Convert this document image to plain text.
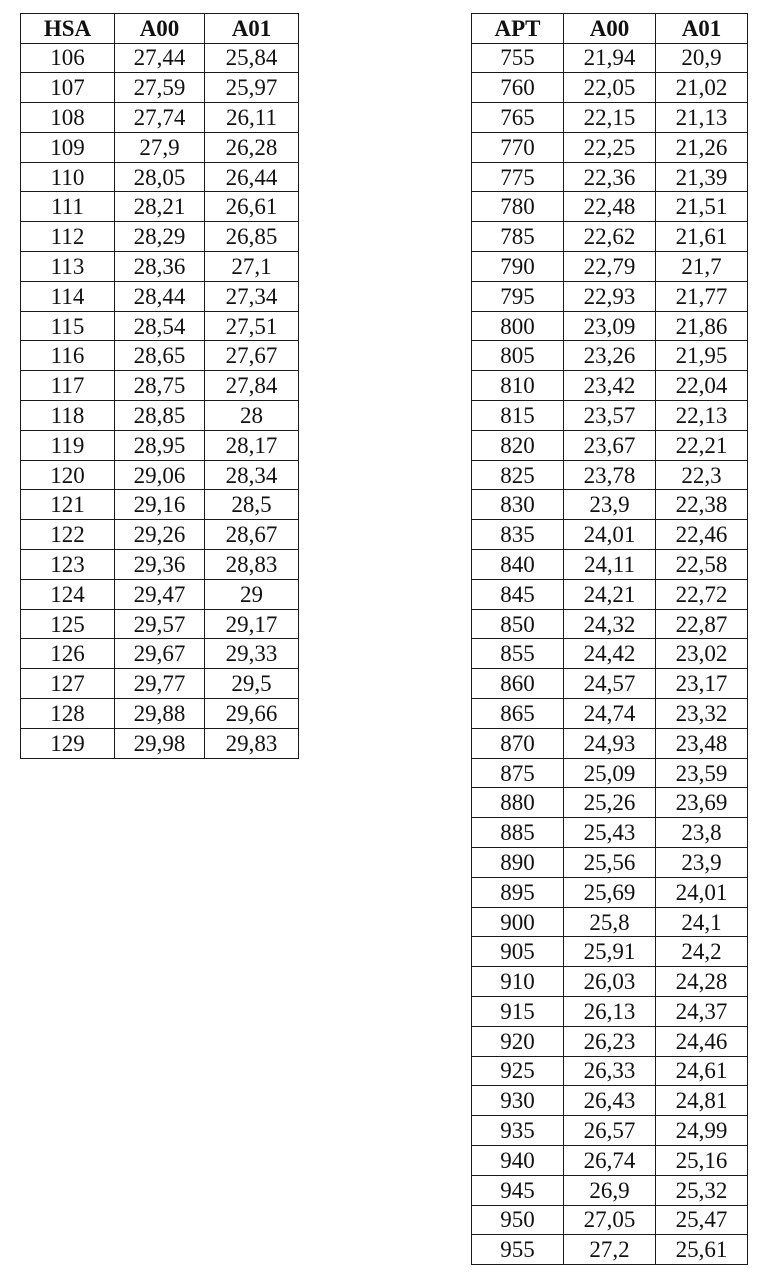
HSA	A00	A01
106	27,44	25,84
107	27,59	25,97
108	27,74	26,11
109	27,9	26,28
110	28,05	26,44
111	28,21	26,61
112	28,29	26,85
113	28,36	27,1
114	28,44	27,34
115	28,54	27,51
116	28,65	27,67
117	28,75	27,84
118	28,85	28
119	28,95	28,17
120	29,06	28,34
121	29,16	28,5
122	29,26	28,67
123	29,36	28,83
124	29,47	29
125	29,57	29,17
126	29,67	29,33
127	29,77	29,5
128	29,88	29,66
129	29,98	29,83
APT	A00	A01
755	21,94	20,9
760	22,05	21,02
765	22,15	21,13
770	22,25	21,26
775	22,36	21,39
780	22,48	21,51
785	22,62	21,61
790	22,79	21,7
795	22,93	21,77
800	23,09	21,86
805	23,26	21,95
810	23,42	22,04
815	23,57	22,13
820	23,67	22,21
825	23,78	22,3
830	23,9	22,38
835	24,01	22,46
840	24,11	22,58
845	24,21	22,72
850	24,32	22,87
855	24,42	23,02
860	24,57	23,17
865	24,74	23,32
870	24,93	23,48
875	25,09	23,59
880	25,26	23,69
885	25,43	23,8
890	25,56	23,9
895	25,69	24,01
900	25,8	24,1
905	25,91	24,2
910	26,03	24,28
915	26,13	24,37
920	26,23	24,46
925	26,33	24,61
930	26,43	24,81
935	26,57	24,99
940	26,74	25,16
945	26,9	25,32
950	27,05	25,47
955	27,2	25,61
